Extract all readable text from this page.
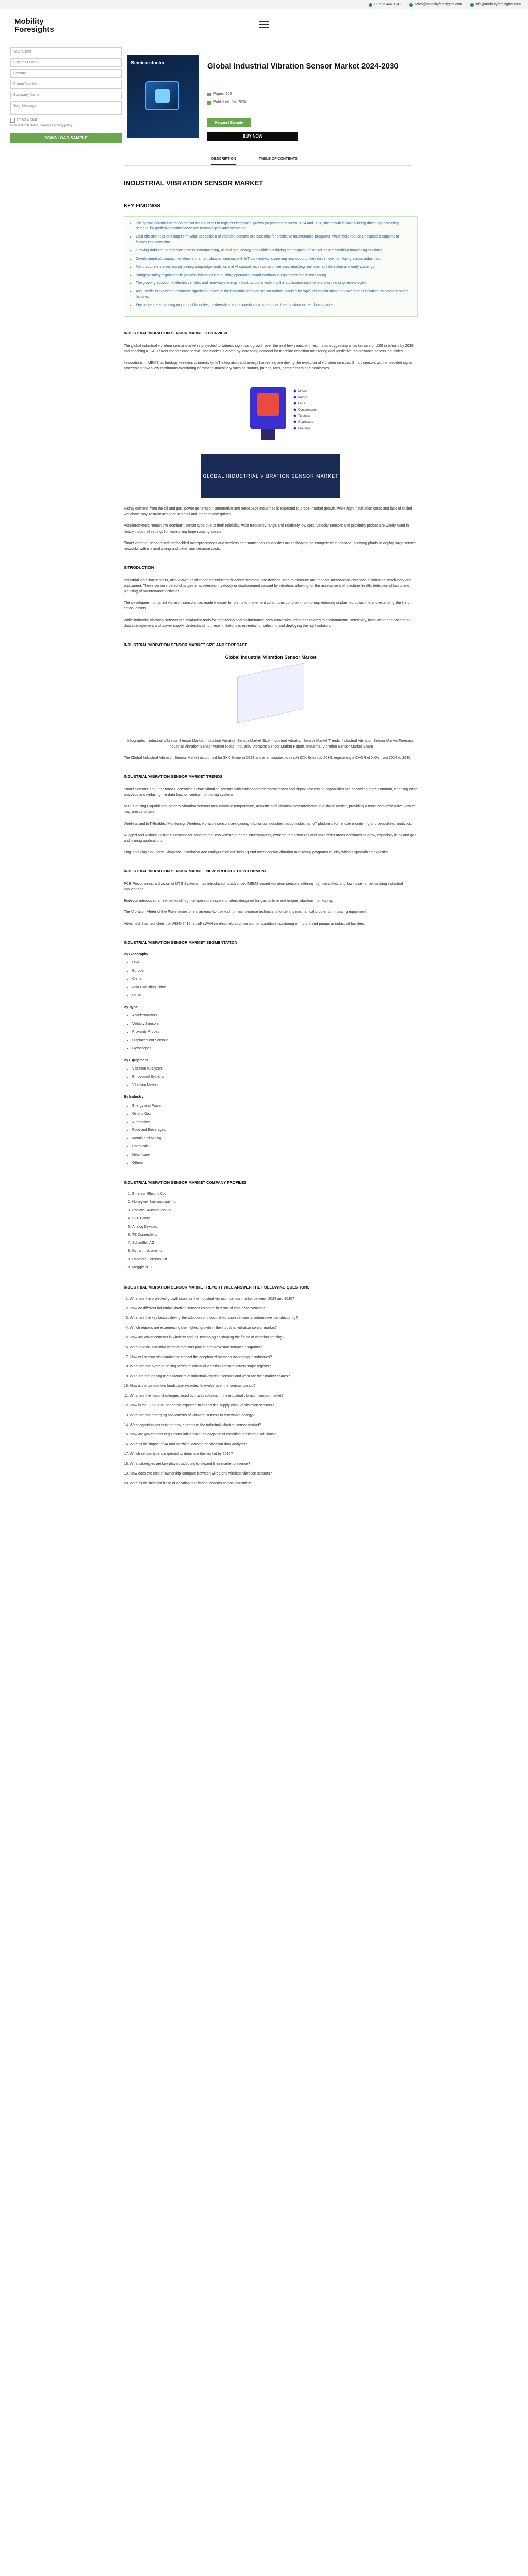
+1 612 444 0041	sales@mobilityforesights.com	info@mobilityforesights.com
Mobility
Foresights
Your Name
Business Email
Country
Phone Number
Company Name
Your Message
I'm not a robot
I consent to Mobility Foresights privacy policy
DOWNLOAD SAMPLE
Semiconductor	Global Industrial Vibration Sensor Market 2024-2030
Pages: 108
Published: Jan 2024
Request Sample
BUY NOW
DESCRIPTION	TABLE OF CONTENTS
INDUSTRIAL VIBRATION SENSOR MARKET
KEY FINDINGS
• The global industrial vibration sensor market is set to register exceptional growth projections between 2024 and 2030, the growth is mainly being driven by increasing demand for predictive maintenance and technological advancements.
• Cost-effectiveness and long-term value proposition of vibration sensors are essential for predictive maintenance programs, which help reduce unexpected equipment failures and downtime.
• Growing industrial automation across manufacturing, oil and gas, energy and utilities is driving the adoption of sensor-based condition monitoring solutions.
• Development of compact, wireless and smart vibration sensors with IoT connectivity is opening new opportunities for remote monitoring across industries.
• Manufacturers are increasingly integrating edge analytics and AI capabilities in vibration sensors, enabling real time fault detection and early warnings.
• Stringent safety regulations in process industries are pushing operators toward continuous equipment health monitoring.
• The growing adoption of electric vehicles and renewable energy infrastructure is widening the application base for vibration sensing technologies.
• Asia Pacific is expected to witness significant growth in the industrial vibration sensor market, backed by rapid industrialization and government initiatives to promote smart factories.
• Key players are focusing on product launches, partnerships and acquisitions to strengthen their position in the global market.
INDUSTRIAL VIBRATION SENSOR MARKET OVERVIEW

The global industrial vibration sensor market is projected to witness significant growth over the next few years, with estimates suggesting a market size of US$ in billions by 2030 and reaching a CAGR over the forecast period. The market is driven by increasing demand for machine condition monitoring and predictive maintenance across industries.

Innovations in MEMS technology, wireless connectivity, IoT integration and energy harvesting are driving the evolution of vibration sensors. Smart sensors with embedded signal processing now allow continuous monitoring of rotating machinery such as motors, pumps, fans, compressors and gearboxes.

Motors
Pumps
Fans
Compressors
Turbines
Gearboxes
Bearings
GLOBAL INDUSTRIAL VIBRATION SENSOR MARKET

Rising demand from the oil and gas, power generation, automotive and aerospace industries is expected to propel market growth, while high installation costs and lack of skilled workforce may restrain adoption in small and medium enterprises.

Accelerometers remain the dominant sensor type due to their reliability, wide frequency range and relatively low cost. Velocity sensors and proximity probes are widely used in heavy industrial settings for monitoring large rotating assets.

Smart vibration sensors with embedded microprocessors and wireless communication capabilities are reshaping the competitive landscape, allowing plants to deploy large sensor networks with minimal wiring and lower maintenance costs.

INTRODUCTION

Industrial vibration sensors, also known as vibration transducers or accelerometers, are devices used to measure and monitor mechanical vibrations in industrial machinery and equipment. These sensors detect changes in acceleration, velocity or displacement caused by vibration, allowing for the assessment of machine health, detection of faults and planning of maintenance activities.

The development of smart vibration sensors has made it easier for plants to implement continuous condition monitoring, reducing unplanned downtime and extending the life of critical assets.

While industrial vibration sensors are invaluable tools for monitoring and maintenance, they come with limitations related to environmental sensitivity, installation and calibration, data management and power supply. Understanding these limitations is essential for selecting and deploying the right solution.

INDUSTRIAL VIBRATION SENSOR MARKET SIZE AND FORECAST
Global Industrial Vibration Sensor Market

Infographic: Industrial Vibration Sensor Market, Industrial Vibration Sensor Market Size, Industrial Vibration Sensor Market Trends, Industrial Vibration Sensor Market Forecast, Industrial Vibration Sensor Market Risks, Industrial Vibration Sensor Market Report, Industrial Vibration Sensor Market Share

The Global Industrial Vibration Sensor Market accounted for $XX Billion in 2023 and is anticipated to reach $XX Billion by 2030, registering a CAGR of XX% from 2024 to 2030.

INDUSTRIAL VIBRATION SENSOR MARKET TRENDS

Smart Sensors and Integrated Electronics: Smart vibration sensors with embedded microprocessors and signal processing capabilities are becoming more common, enabling edge analytics and reducing the data load on central monitoring systems.

Multi-Sensing Capabilities: Modern vibration sensors now combine temperature, acoustic and vibration measurements in a single device, providing a more comprehensive view of machine condition.

Wireless and IoT-Enabled Monitoring: Wireless vibration sensors are gaining traction as industries adopt Industrial IoT platforms for remote monitoring and centralized analytics.

Rugged and Robust Designs: Demand for sensors that can withstand harsh environments, extreme temperatures and hazardous areas continues to grow, especially in oil and gas and mining applications.

Plug-and-Play Solutions: Simplified installation and configuration are helping end users deploy vibration monitoring programs quickly without specialized expertise.

INDUSTRIAL VIBRATION SENSOR MARKET NEW PRODUCT DEVELOPMENT

PCB Piezotronics, a division of MTS Systems, has introduced its advanced MEMS-based vibration sensors, offering high sensitivity and low noise for demanding industrial applications.

Endevco introduced a new series of high-temperature accelerometers designed for gas turbine and engine vibration monitoring.

The Vibration Meter of the Fluke series offers an easy-to-use tool for maintenance technicians to identify mechanical problems in rotating equipment.

Advantech has launched the WISE-2410, a LoRaWAN wireless vibration sensor for condition monitoring of motors and pumps in industrial facilities.

INDUSTRIAL VIBRATION SENSOR MARKET SEGMENTATION
By Geography
• USA
• Europe
• China
• Asia Excluding China
• ROW
By Type
• Accelerometers
• Velocity Sensors
• Proximity Probes
• Displacement Sensors
• Gyroscopes
By Equipment
• Vibration Analyzers
• Embedded Systems
• Vibration Meters
By Industry
• Energy and Power
• Oil and Gas
• Automotive
• Food and Beverages
• Metals and Mining
• Chemicals
• Healthcare
• Others
INDUSTRIAL VIBRATION SENSOR MARKET COMPANY PROFILES
1. Emerson Electric Co.
2. Honeywell International Inc.
3. Rockwell Automation Inc.
4. SKF Group
5. Analog Devices
6. TE Connectivity
7. Schaeffler AG
8. Dytran Instruments
9. Hansford Sensors Ltd.
10. Meggitt PLC
INDUSTRIAL VIBRATION SENSOR MARKET REPORT WILL ANSWER THE FOLLOWING QUESTIONS
1. What are the projected growth rates for the industrial vibration sensor market between 2024 and 2030?
2. How do different industrial vibration sensors compare in terms of cost-effectiveness?
3. What are the key factors driving the adoption of industrial vibration sensors in automotive manufacturing?
4. Which regions are experiencing the highest growth in the industrial vibration sensor market?
5. How are advancements in wireless and IoT technologies shaping the future of vibration sensing?
6. What role do industrial vibration sensors play in predictive maintenance programs?
7. How will sensor standardization impact the adoption of vibration monitoring in industries?
8. What are the average selling prices of industrial vibration sensors across major regions?
9. Who are the leading manufacturers of industrial vibration sensors and what are their market shares?
10. How is the competitive landscape expected to evolve over the forecast period?
11. What are the major challenges faced by manufacturers in the industrial vibration sensor market?
12. How is the COVID-19 pandemic expected to impact the supply chain of vibration sensors?
13. What are the emerging applications of vibration sensors in renewable energy?
14. What opportunities exist for new entrants in the industrial vibration sensor market?
15. How are government regulations influencing the adoption of condition monitoring solutions?
16. What is the impact of AI and machine learning on vibration data analysis?
17. Which sensor type is expected to dominate the market by 2030?
18. What strategies are key players adopting to expand their market presence?
19. How does the cost of ownership compare between wired and wireless vibration sensors?
20. What is the installed base of vibration monitoring systems across industries?
